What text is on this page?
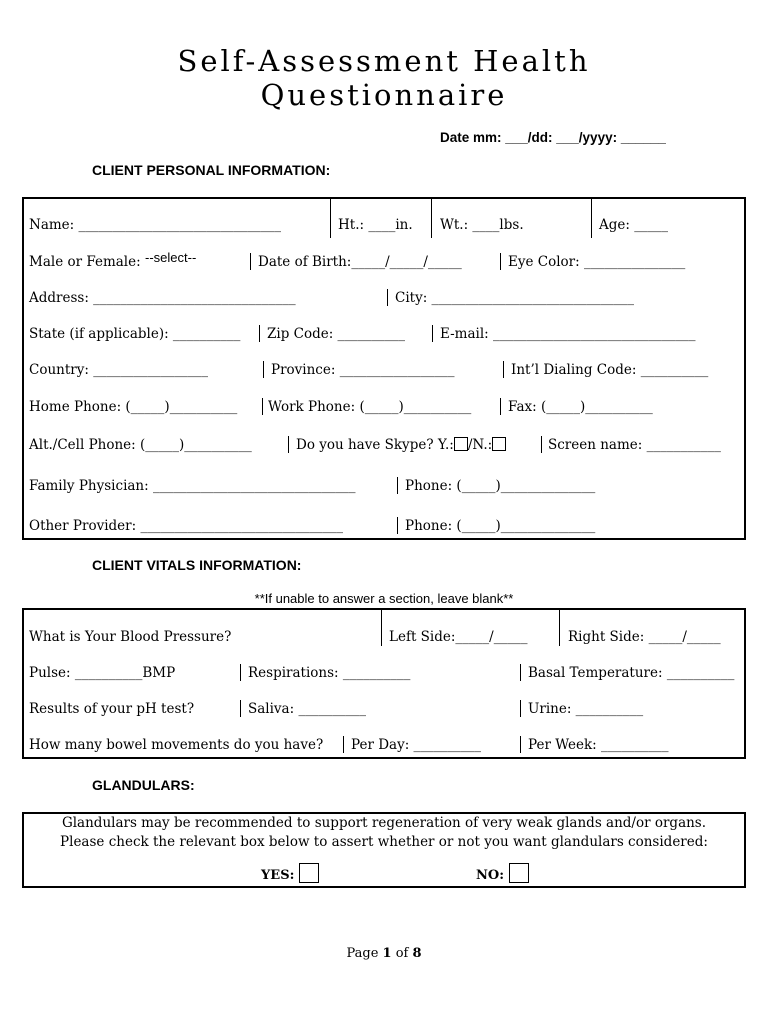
Self-Assessment Health
Questionnaire
Date mm: ___/dd: ___/yyyy: ______
CLIENT PERSONAL INFORMATION:
Name: ______________________________	Ht.: ____in. Wt.: ____lbs.	Age: _____
Male or Female: --select--	Date of Birth:_____/_____/_____	Eye Color: _______________
Address: ______________________________	City: ______________________________
State (if applicable): __________ Zip Code: __________	E-mail: ______________________________
Country: _________________	Province: _________________	Int’l Dialing Code: __________
Home Phone: (_____)__________ Work Phone: (_____)__________	Fax: (_____)__________
Alt./Cell Phone: (_____)__________	Do you have Skype? Y.: /N.:	Screen name: ___________
Family Physician: ______________________________	Phone: (_____)______________
Other Provider: ______________________________	Phone: (_____)______________
CLIENT VITALS INFORMATION:
**If unable to answer a section, leave blank**
What is Your Blood Pressure?	Left Side:_____/_____	Right Side: _____/_____
Pulse: __________BMP	Respirations: __________	Basal Temperature: __________
Results of your pH test?	Saliva: __________	Urine: __________
How many bowel movements do you have? Per Day: __________	Per Week: __________
GLANDULARS:
Glandulars may be recommended to support regeneration of very weak glands and/or organs.
Please check the relevant box below to assert whether or not you want glandulars considered:
YES:	NO:
Page 1 of 8
